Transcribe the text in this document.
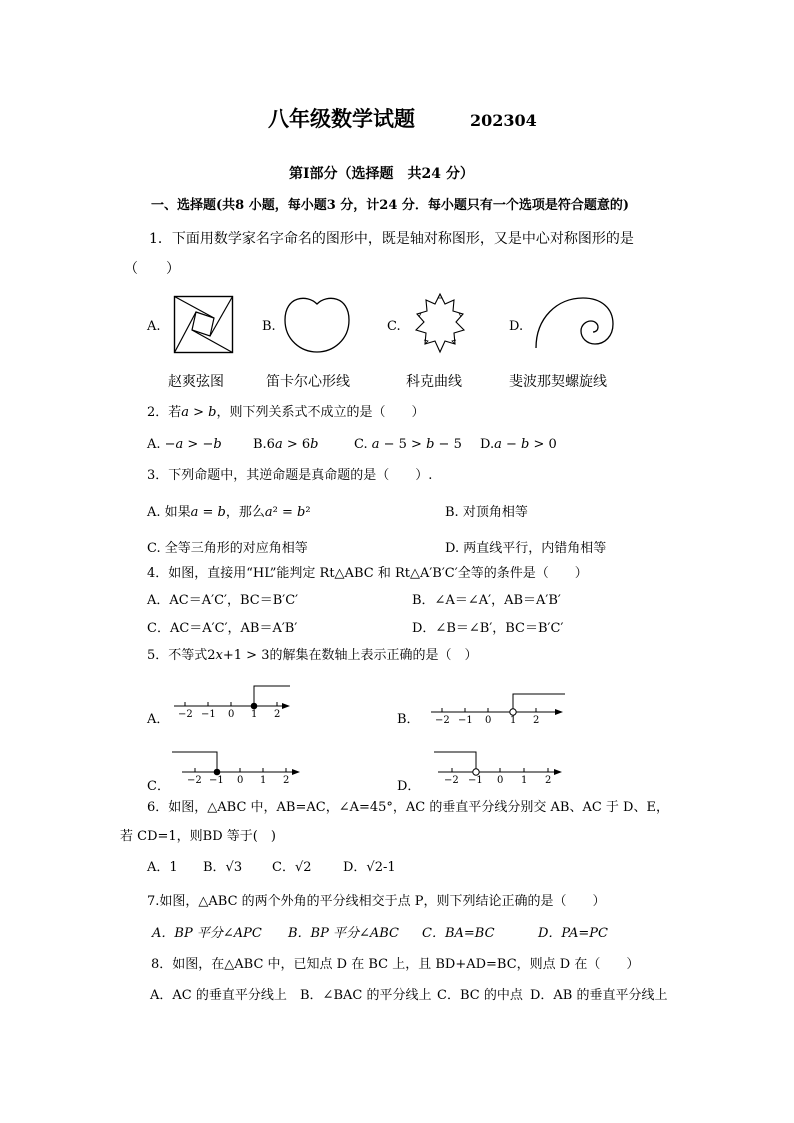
八年级数学试题	202304
第Ⅰ部分（选择题　共24 分）
一、选择题(共8 小题，每小题3 分，计24 分．每小题只有一个选项是符合题意的)
1．下面用数学家名字命名的图形中，既是轴对称图形，又是中心对称图形的是
（　　）
A.	B.	C.	D.
赵爽弦图	笛卡尔心形线	科克曲线	斐波那契螺旋线
2．若𝑎 > 𝑏，则下列关系式不成立的是（　　）
A. −𝑎 > −𝑏 B.6𝑎 > 6𝑏	C. 𝑎 − 5 > 𝑏 − 5 D.𝑎 − 𝑏 > 0
3．下列命题中，其逆命题是真命题的是（　　）.
A. 如果𝑎 = 𝑏，那么𝑎² = 𝑏²	B. 对顶角相等
C. 全等三角形的对应角相等	D. 两直线平行，内错角相等
4．如图，直接用“HL”能判定 Rt△ABC 和 Rt△A′B′C′全等的条件是（　　）
A．AC＝A′C′，BC＝B′C′	B．∠A＝∠A′，AB＝A′B′
C．AC＝A′C′，AB＝A′B′	D．∠B＝∠B′，BC＝B′C′
5．不等式2𝑥+1 > 3的解集在数轴上表示正确的是（　）
A． −2 −1 0 1 2	B． −2 −1 0 1 2
C． −2 −1 0 1 2	D． −2 −1 0 1 2
6．如图，△ABC 中，AB=AC，∠A=45°，AC 的垂直平分线分别交 AB、AC 于 D、E，
若 CD=1，则BD 等于(　)
A．1 B．√3 C．√2 D．√2-1
7.如图，△ABC 的两个外角的平分线相交于点 P，则下列结论正确的是（　　）
A．BP 平分∠APC B．BP 平分∠ABC C．BA=BC	D．PA=PC
8．如图，在△ABC 中，已知点 D 在 BC 上，且 BD+AD=BC，则点 D 在（　　）
A．AC 的垂直平分线上 B．∠BAC 的平分线上 C．BC 的中点 D．AB 的垂直平分线上
